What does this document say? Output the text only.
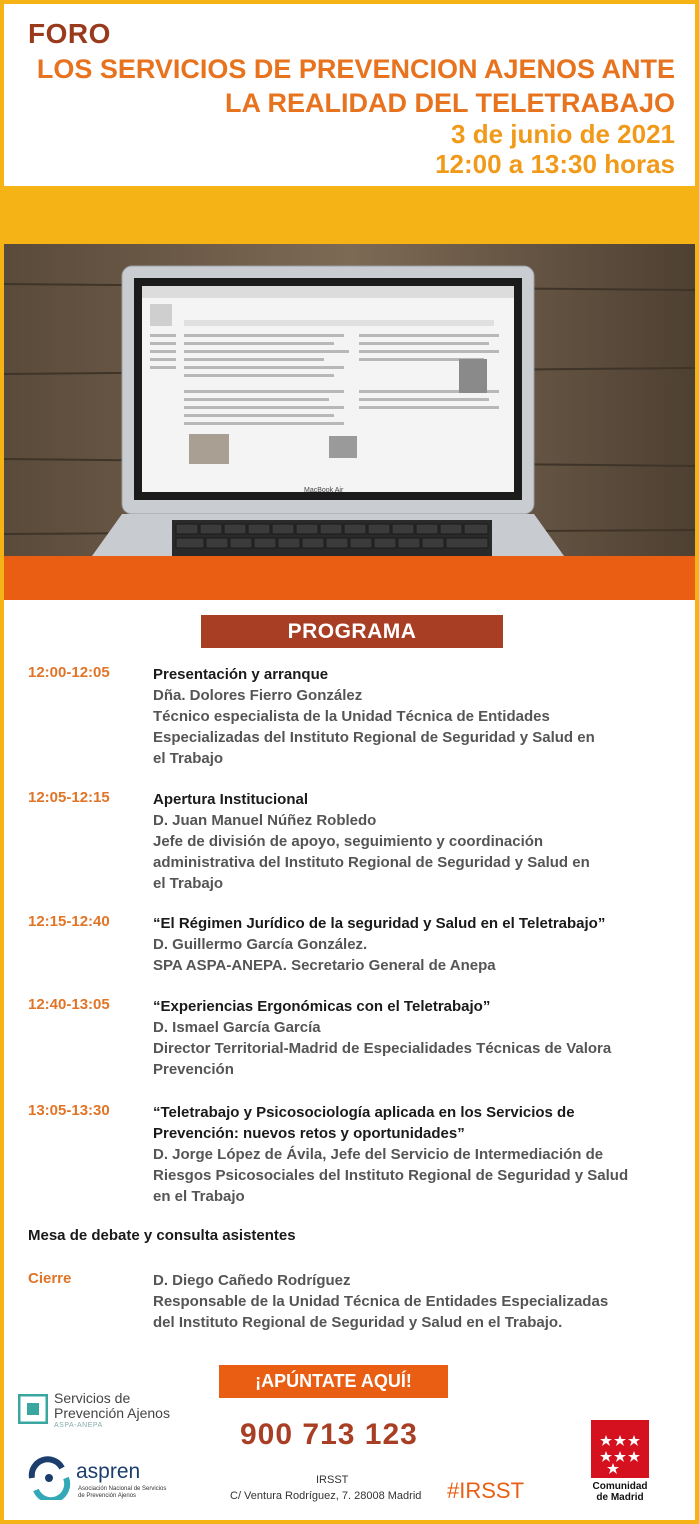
FORO
LOS SERVICIOS DE PREVENCION AJENOS ANTE
LA REALIDAD DEL TELETRABAJO
3 de junio de 2021
12:00 a 13:30 horas
MacBook Air
PROGRAMA
12:00-12:05	Presentación y arranque
Dña. Dolores Fierro González
Técnico especialista de la Unidad Técnica de Entidades
Especializadas del Instituto Regional de Seguridad y Salud en
el Trabajo
12:05-12:15	Apertura Institucional
D. Juan Manuel Núñez Robledo
Jefe de división de apoyo, seguimiento y coordinación
administrativa del Instituto Regional de Seguridad y Salud en
el Trabajo
12:15-12:40	“El Régimen Jurídico de la seguridad y Salud en el Teletrabajo”
D. Guillermo García González.
SPA ASPA-ANEPA. Secretario General de Anepa
12:40-13:05	“Experiencias Ergonómicas con el Teletrabajo”
D. Ismael García García
Director Territorial-Madrid de Especialidades Técnicas de Valora
Prevención
13:05-13:30	“Teletrabajo y Psicosociología aplicada en los Servicios de
Prevención: nuevos retos y oportunidades”
D. Jorge López de Ávila, Jefe del Servicio de Intermediación de
Riesgos Psicosociales del Instituto Regional de Seguridad y Salud
en el Trabajo
Mesa de debate y consulta asistentes
Cierre	D. Diego Cañedo Rodríguez
Responsable de la Unidad Técnica de Entidades Especializadas
del Instituto Regional de Seguridad y Salud en el Trabajo.
¡APÚNTATE AQUÍ!
900 713 123
IRSST
C/ Ventura Rodríguez, 7. 28008 Madrid #IRSST
Servicios de
Prevención Ajenos
ASPA-ANEPA
aspren
Asociación Nacional de Servicios de Prevención Ajenos
Comunidad
de Madrid
